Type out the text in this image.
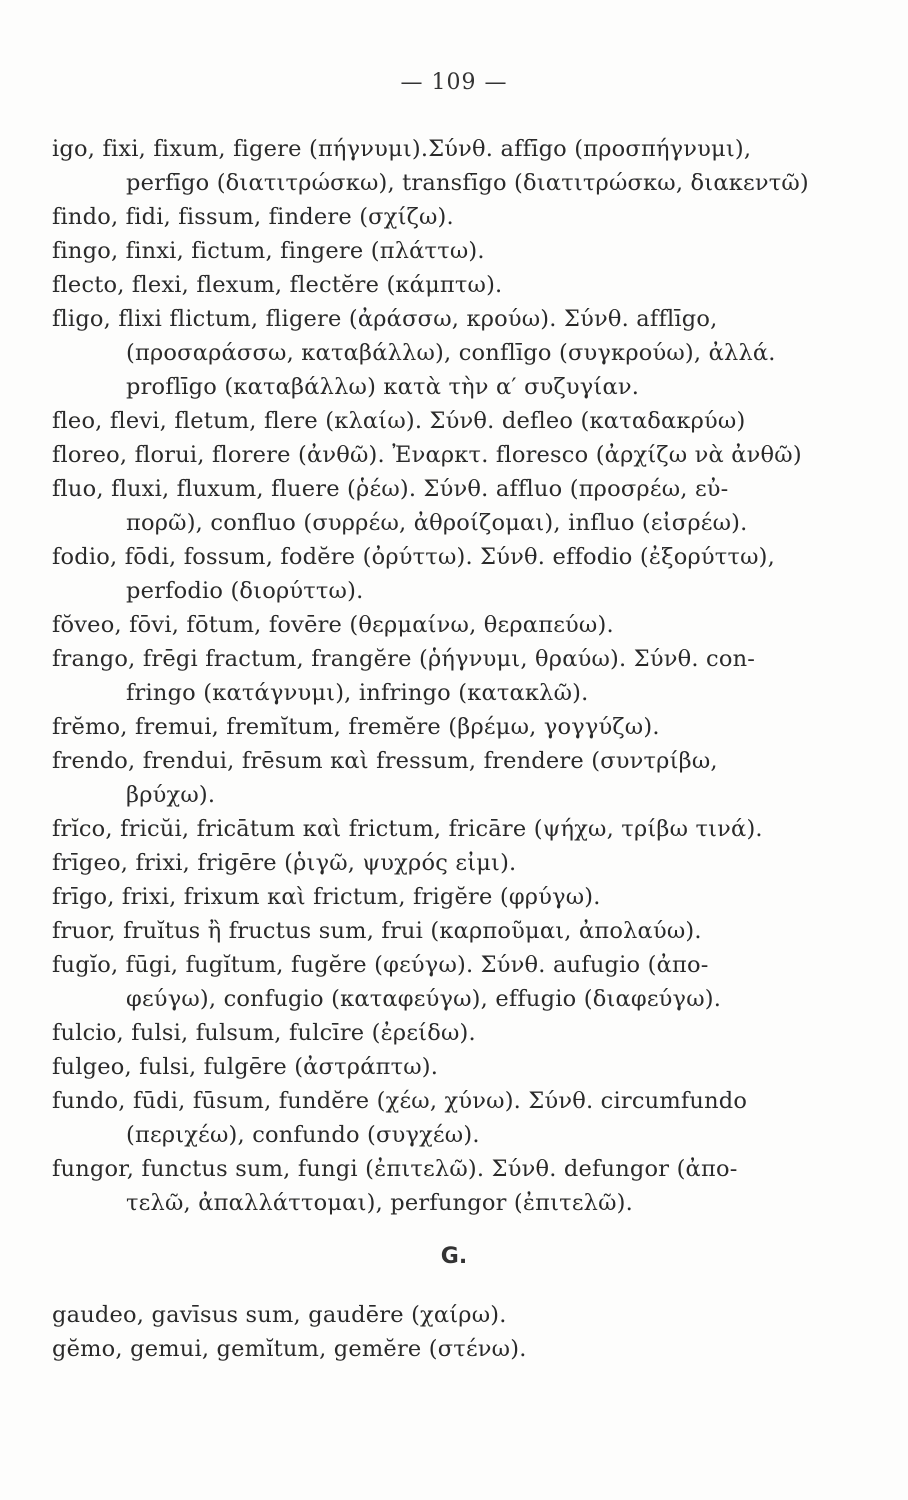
— 109 —
igo, fixi, fixum, figere (πήγνυμι).Σύνθ. affīgo (προσπήγνυμι),
perfīgo (διατιτρώσκω), transfīgo (διατιτρώσκω, διακεντῶ)
findo, fidi, fissum, findere (σχίζω).
fingo, finxi, fictum, fingere (πλάττω).
flecto, flexi, flexum, flectĕre (κάμπτω).
fligo, flixi flictum, fligere (ἀράσσω, κρούω). Σύνθ. afflīgo,
(προσαράσσω, καταβάλλω), conflīgo (συγκρούω), ἀλλά.
proflīgo (καταβάλλω) κατὰ τὴν α′ συζυγίαν.
fleo, flevi, fletum, flere (κλαίω). Σύνθ. defleo (καταδακρύω)
floreo, florui, florere (ἀνθῶ). Ἐναρκτ. floresco (ἀρχίζω νὰ ἀνθῶ)
fluo, fluxi, fluxum, fluere (ῥέω). Σύνθ. affluo (προσρέω, εὐ-
πορῶ), confluo (συρρέω, ἀθροίζομαι), influo (εἰσρέω).
fodio, fōdi, fossum, fodĕre (ὀρύττω). Σύνθ. effodio (ἐξορύττω),
perfodio (διορύττω).
fŏveo, fōvi, fōtum, fovēre (θερμαίνω, θεραπεύω).
frango, frēgi fractum, frangĕre (ῥήγνυμι, θραύω). Σύνθ. con-
fringo (κατάγνυμι), infringo (κατακλῶ).
frĕmo, fremui, fremĭtum, fremĕre (βρέμω, γογγύζω).
frendo, frendui, frēsum καὶ fressum, frendere (συντρίβω,
βρύχω).
frĭco, fricŭi, fricātum καὶ frictum, fricāre (ψήχω, τρίβω τινά).
frīgeo, frixi, frigēre (ῥιγῶ, ψυχρός εἰμι).
frīgo, frixi, frixum καὶ frictum, frigĕre (φρύγω).
fruor, fruĭtus ἢ fructus sum, frui (καρποῦμαι, ἀπολαύω).
fugĭo, fūgi, fugĭtum, fugĕre (φεύγω). Σύνθ. aufugio (ἀπο-
φεύγω), confugio (καταφεύγω), effugio (διαφεύγω).
fulcio, fulsi, fulsum, fulcīre (ἐρείδω).
fulgeo, fulsi, fulgēre (ἀστράπτω).
fundo, fūdi, fūsum, fundĕre (χέω, χύνω). Σύνθ. circumfundo
(περιχέω), confundo (συγχέω).
fungor, functus sum, fungi (ἐπιτελῶ). Σύνθ. defungor (ἀπο-
τελῶ, ἀπαλλάττομαι), perfungor (ἐπιτελῶ).
G.
gaudeo, gavīsus sum, gaudēre (χαίρω).
gĕmo, gemui, gemĭtum, gemĕre (στένω).
